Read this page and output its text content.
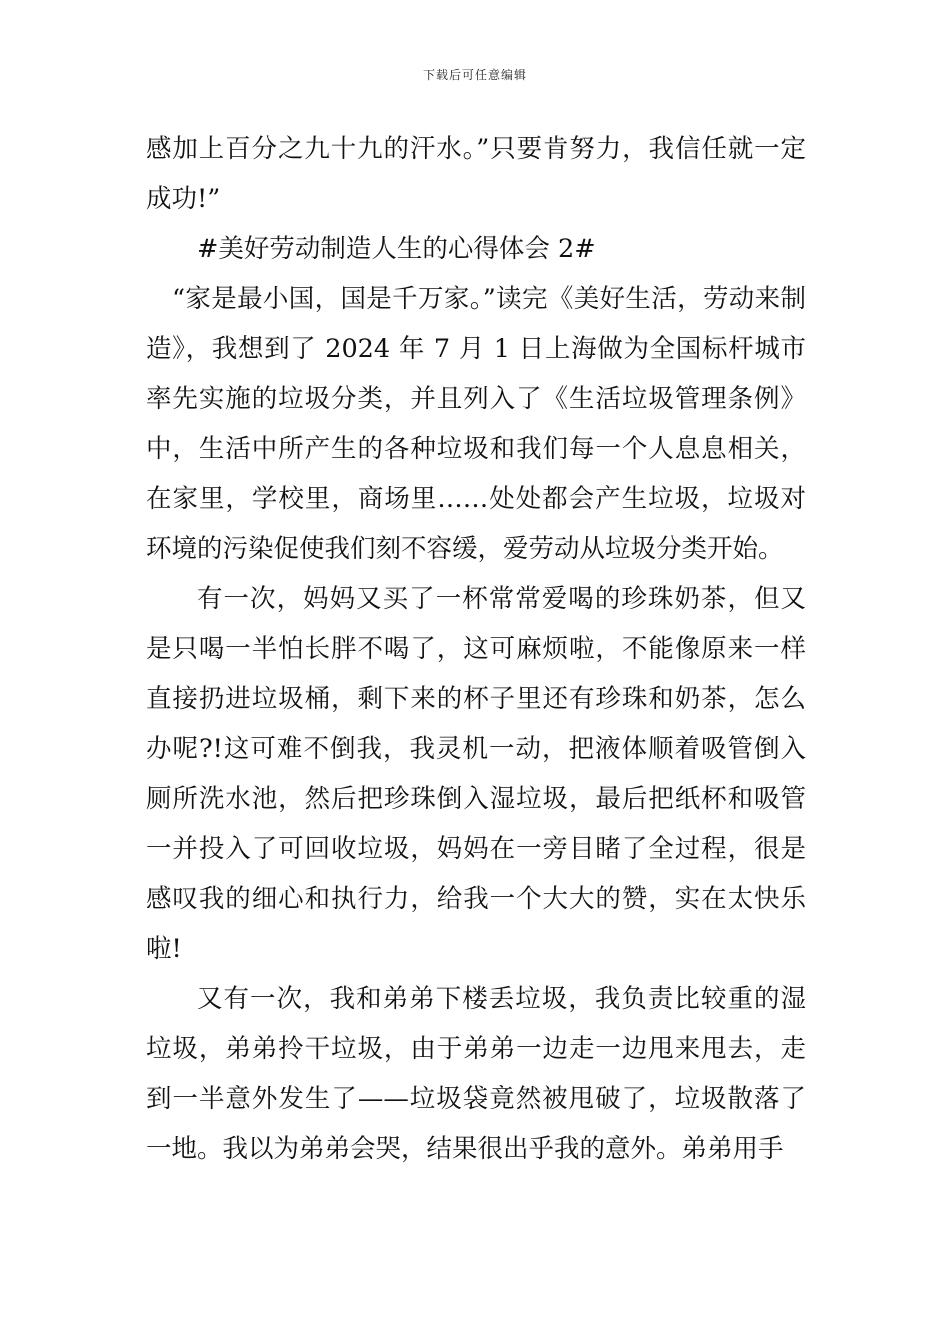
下载后可任意编辑

感加上百分之九十九的汗水。”只要肯努力，我信任就一定成功!”

#美好劳动制造人生的心得体会 2#

“家是最小国，国是千万家。”读完《美好生活，劳动来制造》，我想到了 2024 年 7 月 1 日上海做为全国标杆城市率先实施的垃圾分类，并且列入了《生活垃圾管理条例》中，生活中所产生的各种垃圾和我们每一个人息息相关，在家里，学校里，商场里……处处都会产生垃圾，垃圾对环境的污染促使我们刻不容缓，爱劳动从垃圾分类开始。

有一次，妈妈又买了一杯常常爱喝的珍珠奶茶，但又是只喝一半怕长胖不喝了，这可麻烦啦，不能像原来一样直接扔进垃圾桶，剩下来的杯子里还有珍珠和奶茶，怎么办呢?!这可难不倒我，我灵机一动，把液体顺着吸管倒入厕所洗水池，然后把珍珠倒入湿垃圾，最后把纸杯和吸管一并投入了可回收垃圾，妈妈在一旁目睹了全过程，很是感叹我的细心和执行力，给我一个大大的赞，实在太快乐啦!

又有一次，我和弟弟下楼丢垃圾，我负责比较重的湿垃圾，弟弟拎干垃圾，由于弟弟一边走一边甩来甩去，走到一半意外发生了——垃圾袋竟然被甩破了，垃圾散落了一地。我以为弟弟会哭，结果很出乎我的意外。弟弟用手
